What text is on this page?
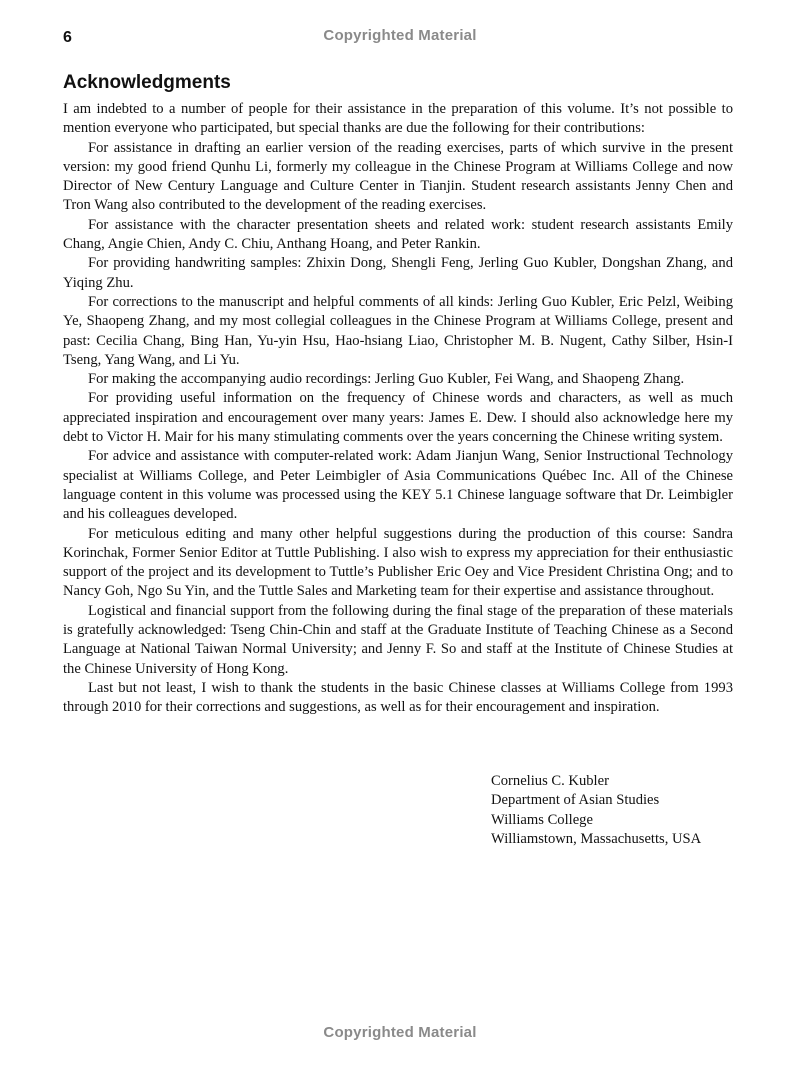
6	Copyrighted Material
Acknowledgments

I am indebted to a number of people for their assistance in the preparation of this volume. It’s not possible to mention everyone who participated, but special thanks are due the following for their contributions:

For assistance in drafting an earlier version of the reading exercises, parts of which survive in the present version: my good friend Qunhu Li, formerly my colleague in the Chinese Program at Williams College and now Director of New Century Language and Culture Center in Tianjin. Student research assistants Jenny Chen and Tron Wang also contributed to the development of the reading exercises.

For assistance with the character presentation sheets and related work: student research assistants Emily Chang, Angie Chien, Andy C. Chiu, Anthang Hoang, and Peter Rankin.

For providing handwriting samples: Zhixin Dong, Shengli Feng, Jerling Guo Kubler, Dongshan Zhang, and Yiqing Zhu.

For corrections to the manuscript and helpful comments of all kinds: Jerling Guo Kubler, Eric Pelzl, Weibing Ye, Shaopeng Zhang, and my most collegial colleagues in the Chinese Program at Williams College, present and past: Cecilia Chang, Bing Han, Yu-yin Hsu, Hao-hsiang Liao, Christopher M. B. Nugent, Cathy Silber, Hsin-I Tseng, Yang Wang, and Li Yu.

For making the accompanying audio recordings: Jerling Guo Kubler, Fei Wang, and Shaopeng Zhang.

For providing useful information on the frequency of Chinese words and characters, as well as much appreciated inspiration and encouragement over many years: James E. Dew. I should also acknowledge here my debt to Victor H. Mair for his many stimulating comments over the years concerning the Chinese writing system.

For advice and assistance with computer-related work: Adam Jianjun Wang, Senior Instructional Technology specialist at Williams College, and Peter Leimbigler of Asia Communications Québec Inc. All of the Chinese language content in this volume was processed using the KEY 5.1 Chinese language software that Dr. Leimbigler and his colleagues developed.

For meticulous editing and many other helpful suggestions during the production of this course: Sandra Korinchak, Former Senior Editor at Tuttle Publishing. I also wish to express my appreciation for their enthusiastic support of the project and its development to Tuttle’s Publisher Eric Oey and Vice President Christina Ong; and to Nancy Goh, Ngo Su Yin, and the Tuttle Sales and Marketing team for their expertise and assistance throughout.

Logistical and financial support from the following during the final stage of the preparation of these materials is gratefully acknowledged: Tseng Chin-Chin and staff at the Graduate Institute of Teaching Chinese as a Second Language at National Taiwan Normal University; and Jenny F. So and staff at the Institute of Chinese Studies at the Chinese University of Hong Kong.

Last but not least, I wish to thank the students in the basic Chinese classes at Williams College from 1993 through 2010 for their corrections and suggestions, as well as for their encouragement and inspiration.

Cornelius C. Kubler
Department of Asian Studies
Williams College
Williamstown, Massachusetts, USA
Copyrighted Material
